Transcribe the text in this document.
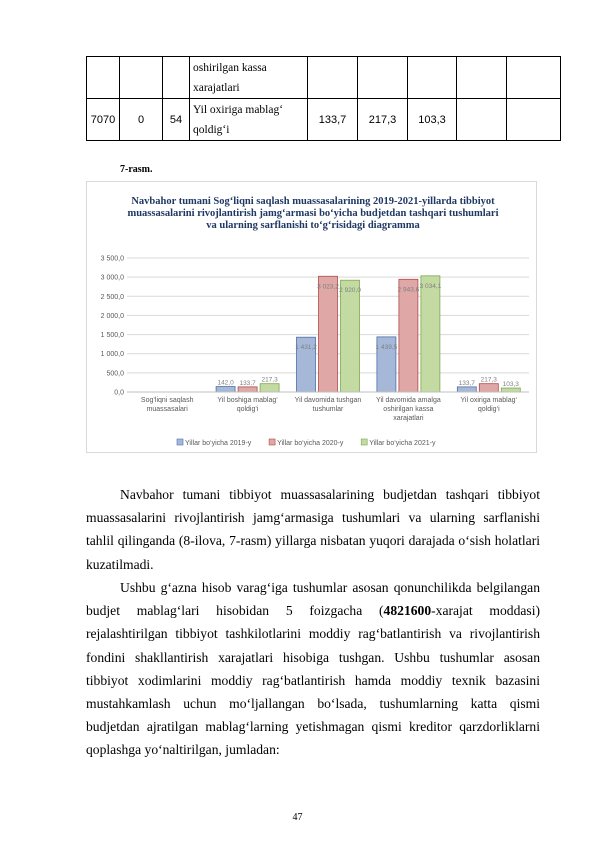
			oshirilgan kassa xarajatlari					
7070	0	54	Yil oxiriga mablag‘ qoldig‘i	133,7	217,3	103,3		
7-rasm.
Navbahor tumani Sog‘liqni saqlash muassasalarining 2019-2021-yillarda tibbiyot muassasalarini rivojlantirish jamg‘armasi bo‘yicha budjetdan tashqari tushumlari va ularning sarflanishi to‘g‘risidagi diagramma
0,0
500,0
1 000,0
1 500,0
2 000,0
2 500,0
3 000,0
3 500,0
Sog‘liqni saqlash muassasalari
Yil boshiga mablag‘ qoldig‘i
142,0 133,7 217,3
Yil davomida tushgan tushumlar
1 431,2
3 023,2
2 920,0
Yil davomida amalga oshirilgan kassa xarajatlari
1 439,5
2 943,6 3 034,1
Yil oxiriga mablag‘ qoldig‘i
133,7 217,3
103,3
Yillar bo‘yicha 2019-y	Yillar bo‘yicha 2020-y	Yillar bo‘yicha 2021-y
Navbahor tumani tibbiyot muassasalarining budjetdan tashqari tibbiyot muassasalarini rivojlantirish jamg‘armasiga tushumlari va ularning sarflanishi tahlil qilinganda (8-ilova, 7-rasm) yillarga nisbatan yuqori darajada o‘sish holatlari kuzatilmadi.
Ushbu g‘azna hisob varag‘iga tushumlar asosan qonunchilikda belgilangan budjet mablag‘lari hisobidan 5 foizgacha (4821600-xarajat moddasi) rejalashtirilgan tibbiyot tashkilotlarini moddiy rag‘batlantirish va rivojlantirish fondini shakllantirish xarajatlari hisobiga tushgan. Ushbu tushumlar asosan tibbiyot xodimlarini moddiy rag‘batlantirish hamda moddiy texnik bazasini mustahkamlash uchun mo‘ljallangan bo‘lsada, tushumlarning katta qismi budjetdan ajratilgan mablag‘larning yetishmagan qismi kreditor qarzdorliklarni qoplashga yo‘naltirilgan, jumladan:
47
